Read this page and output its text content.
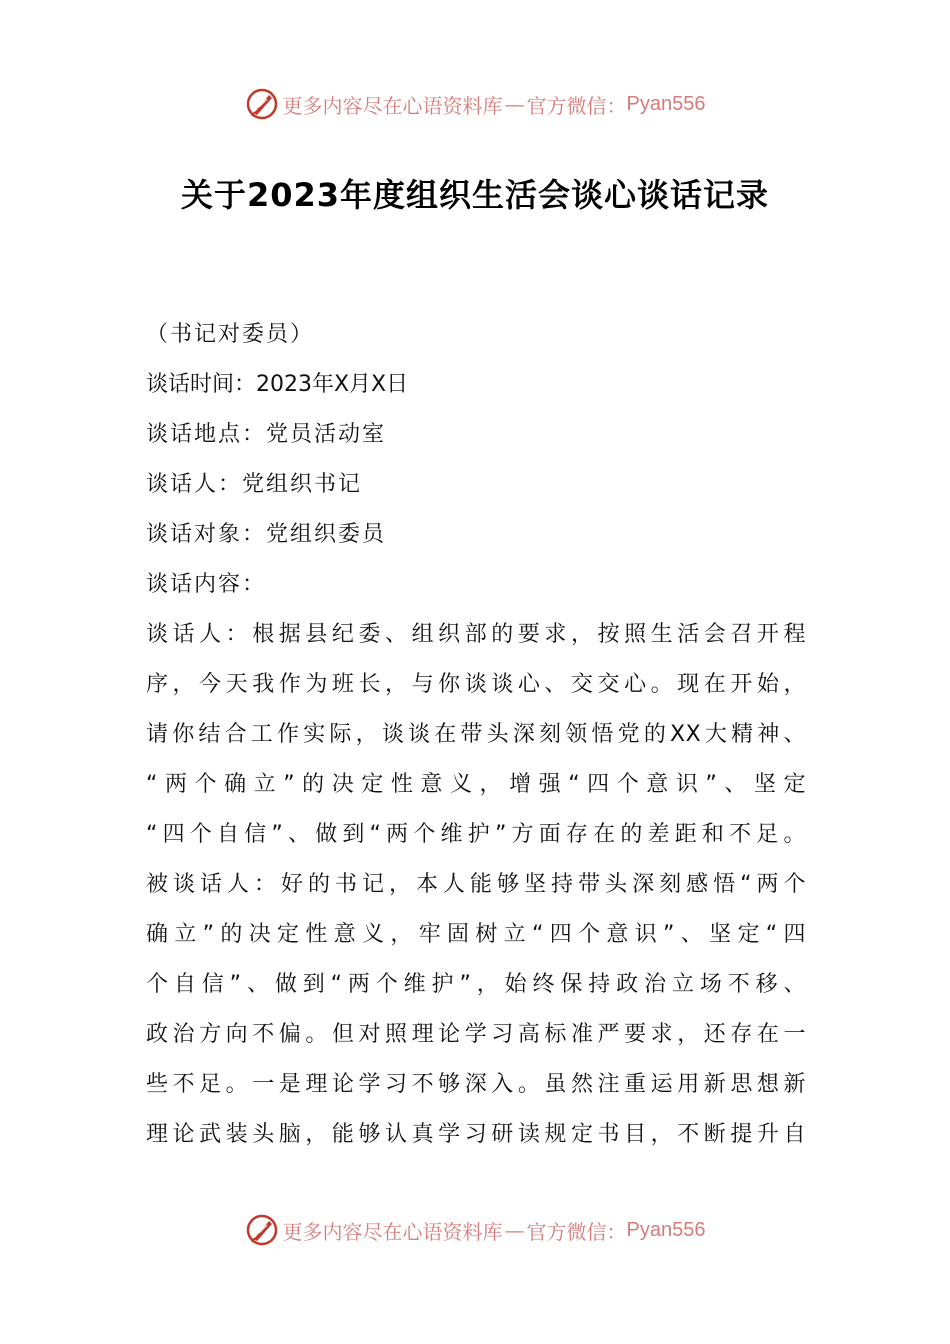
更多内容尽在心语资料库 — 官方微信： Pyan556
关于2023年度组织生活会谈心谈话记录
（书记对委员）
谈话时间：2023年X月X日
谈话地点：党员活动室
谈话人：党组织书记
谈话对象：党组织委员
谈话内容：
谈话人：根据县纪委、组织部的要求，按照生活会召开程
序，今天我作为班长，与你谈谈心、交交心。现在开始，
请你结合工作实际，谈谈在带头深刻领悟党的XX大精神、
“两个确立”的决定性意义，增强“四个意识”、坚定
“四个自信”、做到“两个维护”方面存在的差距和不足。
被谈话人：好的书记，本人能够坚持带头深刻感悟“两个
确立”的决定性意义，牢固树立“四个意识”、坚定“四
个自信”、做到“两个维护”，始终保持政治立场不移、
政治方向不偏。但对照理论学习高标准严要求，还存在一
些不足。一是理论学习不够深入。虽然注重运用新思想新
理论武装头脑，能够认真学习研读规定书目，不断提升自
更多内容尽在心语资料库 — 官方微信： Pyan556
